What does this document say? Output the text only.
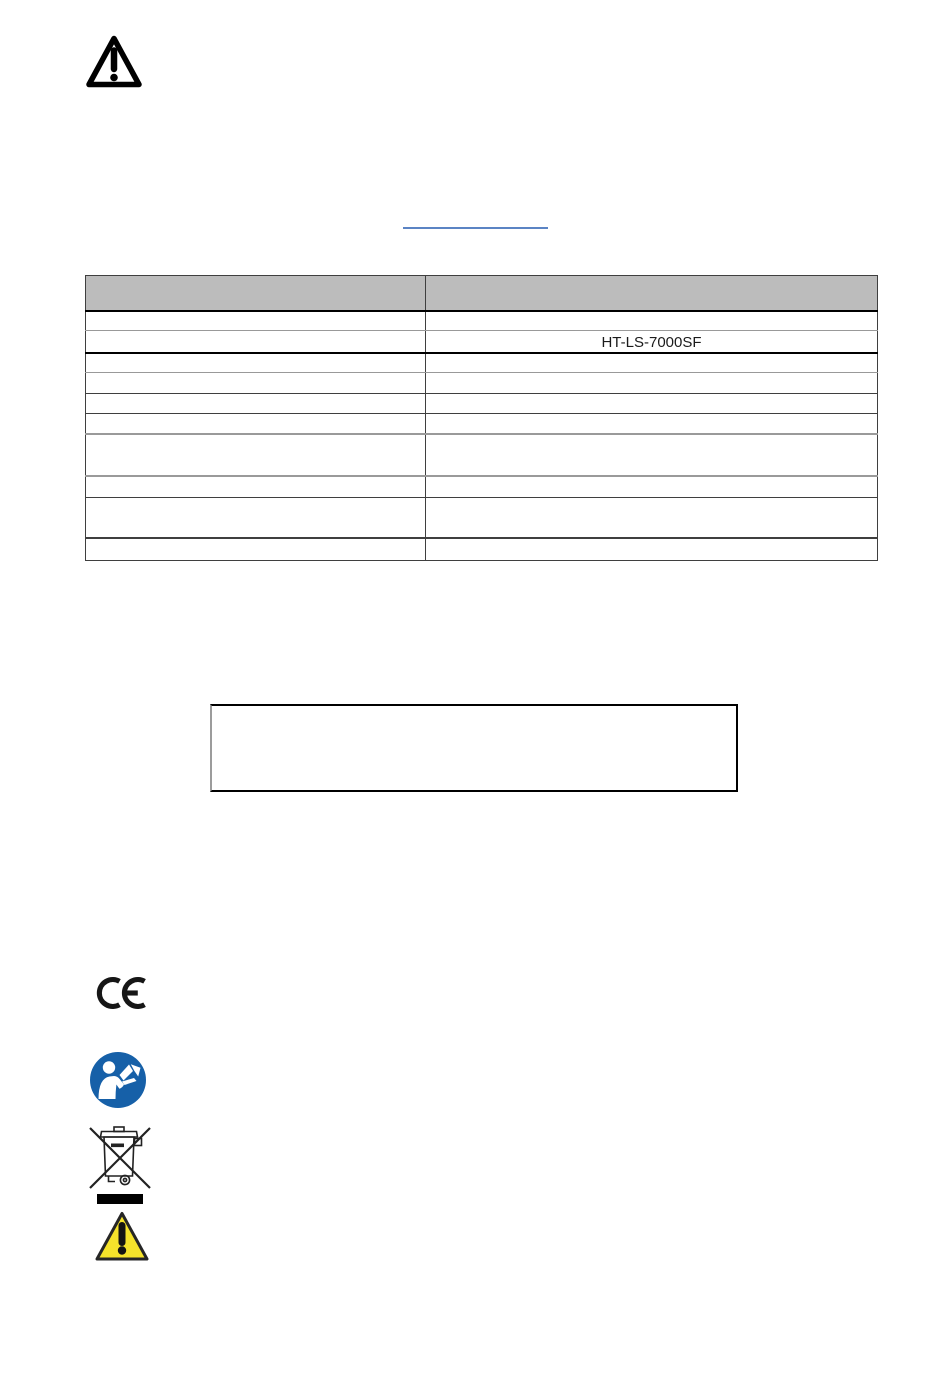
	HT-LS-7000SF
